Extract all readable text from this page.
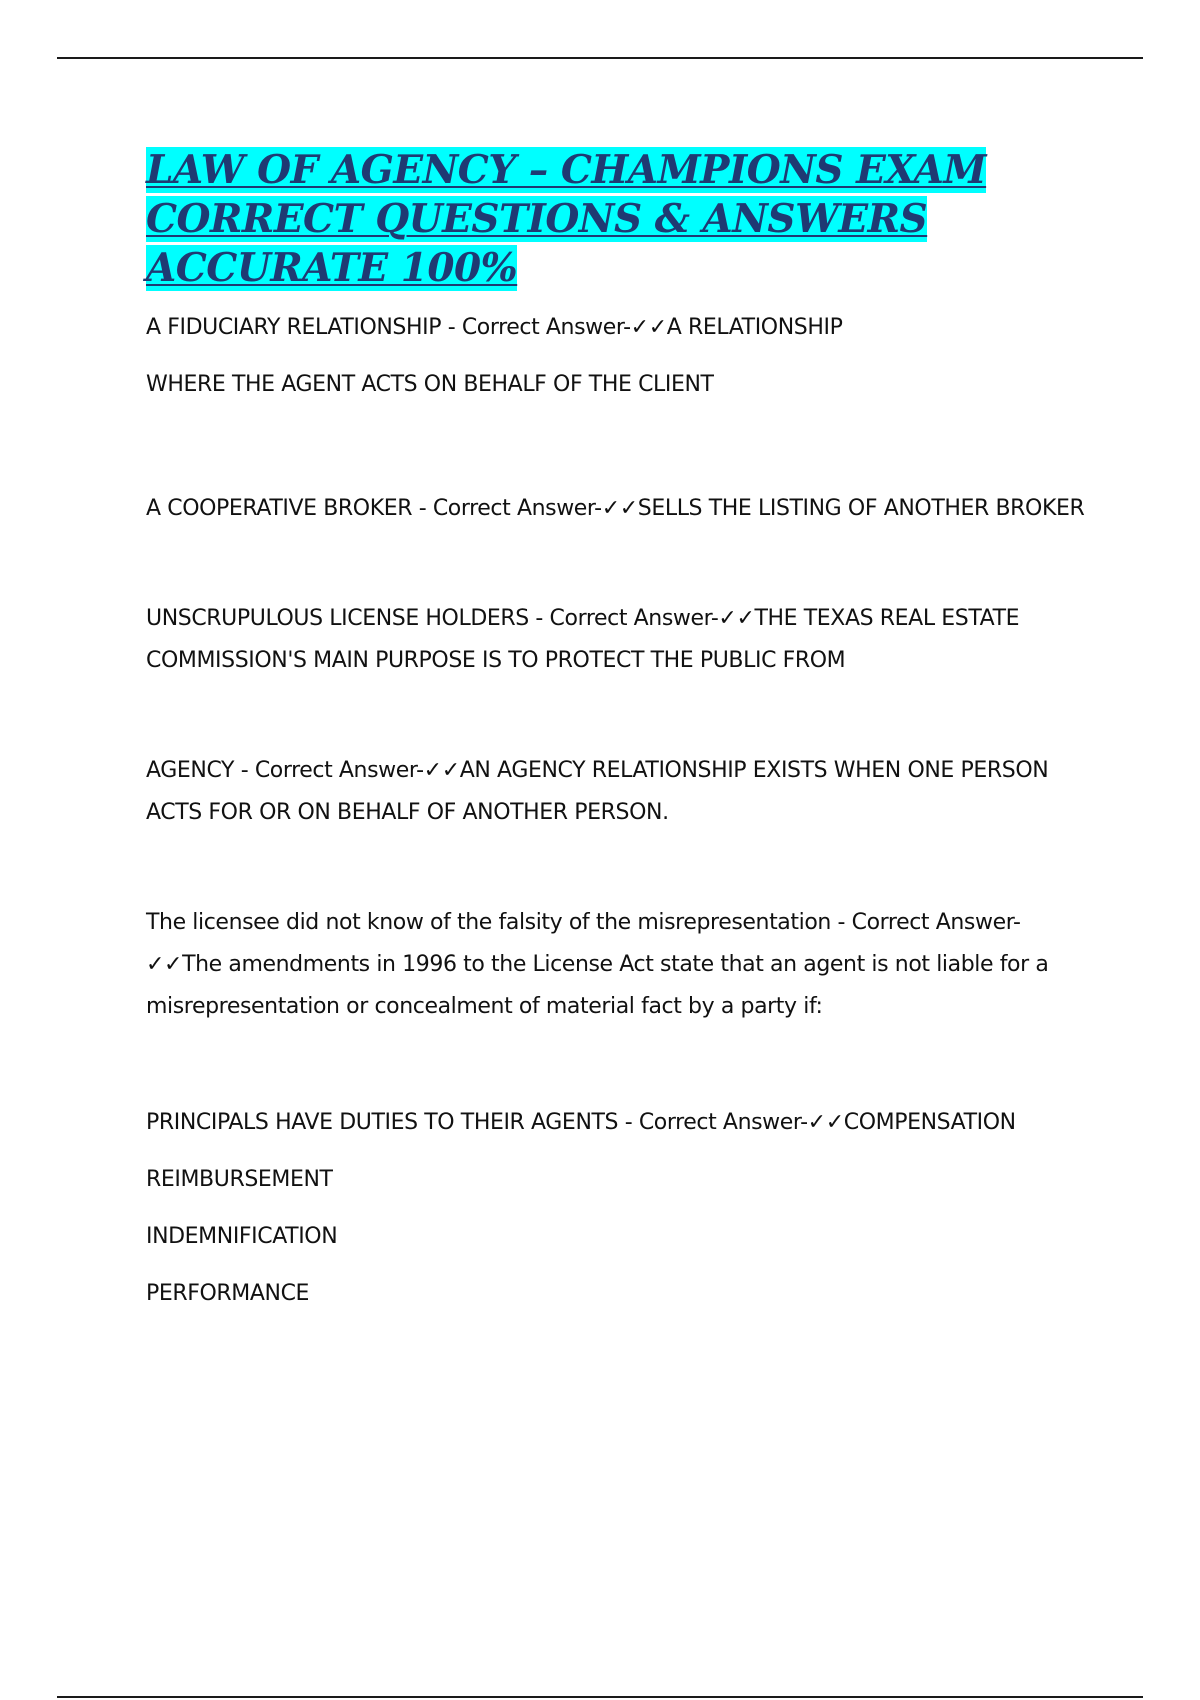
LAW OF AGENCY – CHAMPIONS EXAM
CORRECT QUESTIONS & ANSWERS
ACCURATE 100%

A FIDUCIARY RELATIONSHIP - Correct Answer-✓✓A RELATIONSHIP

WHERE THE AGENT ACTS ON BEHALF OF THE CLIENT

A COOPERATIVE BROKER - Correct Answer-✓✓SELLS THE LISTING OF ANOTHER BROKER

UNSCRUPULOUS LICENSE HOLDERS - Correct Answer-✓✓THE TEXAS REAL ESTATE COMMISSION'S MAIN PURPOSE IS TO PROTECT THE PUBLIC FROM

AGENCY - Correct Answer-✓✓AN AGENCY RELATIONSHIP EXISTS WHEN ONE PERSON ACTS FOR OR ON BEHALF OF ANOTHER PERSON.

The licensee did not know of the falsity of the misrepresentation - Correct Answer-✓✓The amendments in 1996 to the License Act state that an agent is not liable for a misrepresentation or concealment of material fact by a party if:

PRINCIPALS HAVE DUTIES TO THEIR AGENTS - Correct Answer-✓✓COMPENSATION

REIMBURSEMENT

INDEMNIFICATION

PERFORMANCE
